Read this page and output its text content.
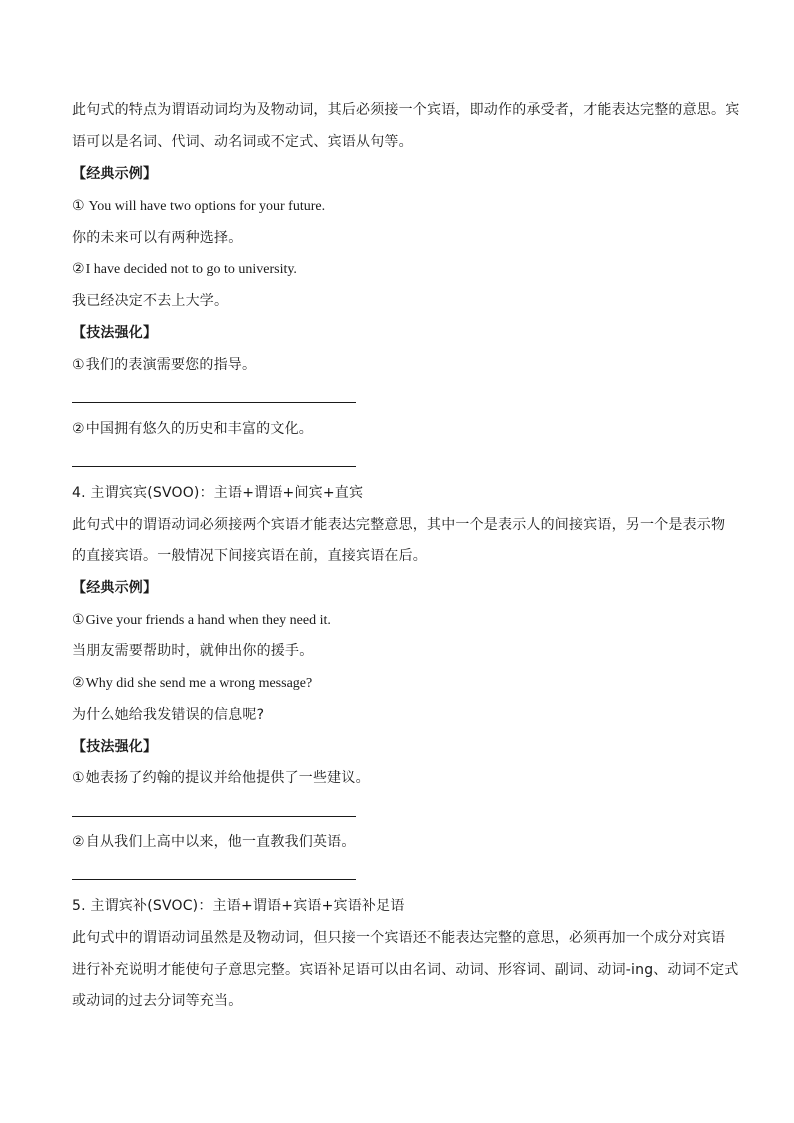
此句式的特点为谓语动词均为及物动词，其后必须接一个宾语，即动作的承受者，才能表达完整的意思。宾
语可以是名词、代词、动名词或不定式、宾语从句等。
【经典示例】
① You will have two options for your future.
你的未来可以有两种选择。
②I have decided not to go to university.
我已经决定不去上大学。
【技法强化】
①我们的表演需要您的指导。
②中国拥有悠久的历史和丰富的文化。
4. 主谓宾宾(SVOO)：主语+谓语+间宾+直宾
此句式中的谓语动词必须接两个宾语才能表达完整意思，其中一个是表示人的间接宾语，另一个是表示物
的直接宾语。一般情况下间接宾语在前，直接宾语在后。
【经典示例】
①Give your friends a hand when they need it.
当朋友需要帮助时，就伸出你的援手。
②Why did she send me a wrong message?
为什么她给我发错误的信息呢?
【技法强化】
①她表扬了约翰的提议并给他提供了一些建议。
②自从我们上高中以来，他一直教我们英语。
5. 主谓宾补(SVOC)：主语+谓语+宾语+宾语补足语
此句式中的谓语动词虽然是及物动词，但只接一个宾语还不能表达完整的意思，必须再加一个成分对宾语
进行补充说明才能使句子意思完整。宾语补足语可以由名词、动词、形容词、副词、动词-ing、动词不定式
或动词的过去分词等充当。
